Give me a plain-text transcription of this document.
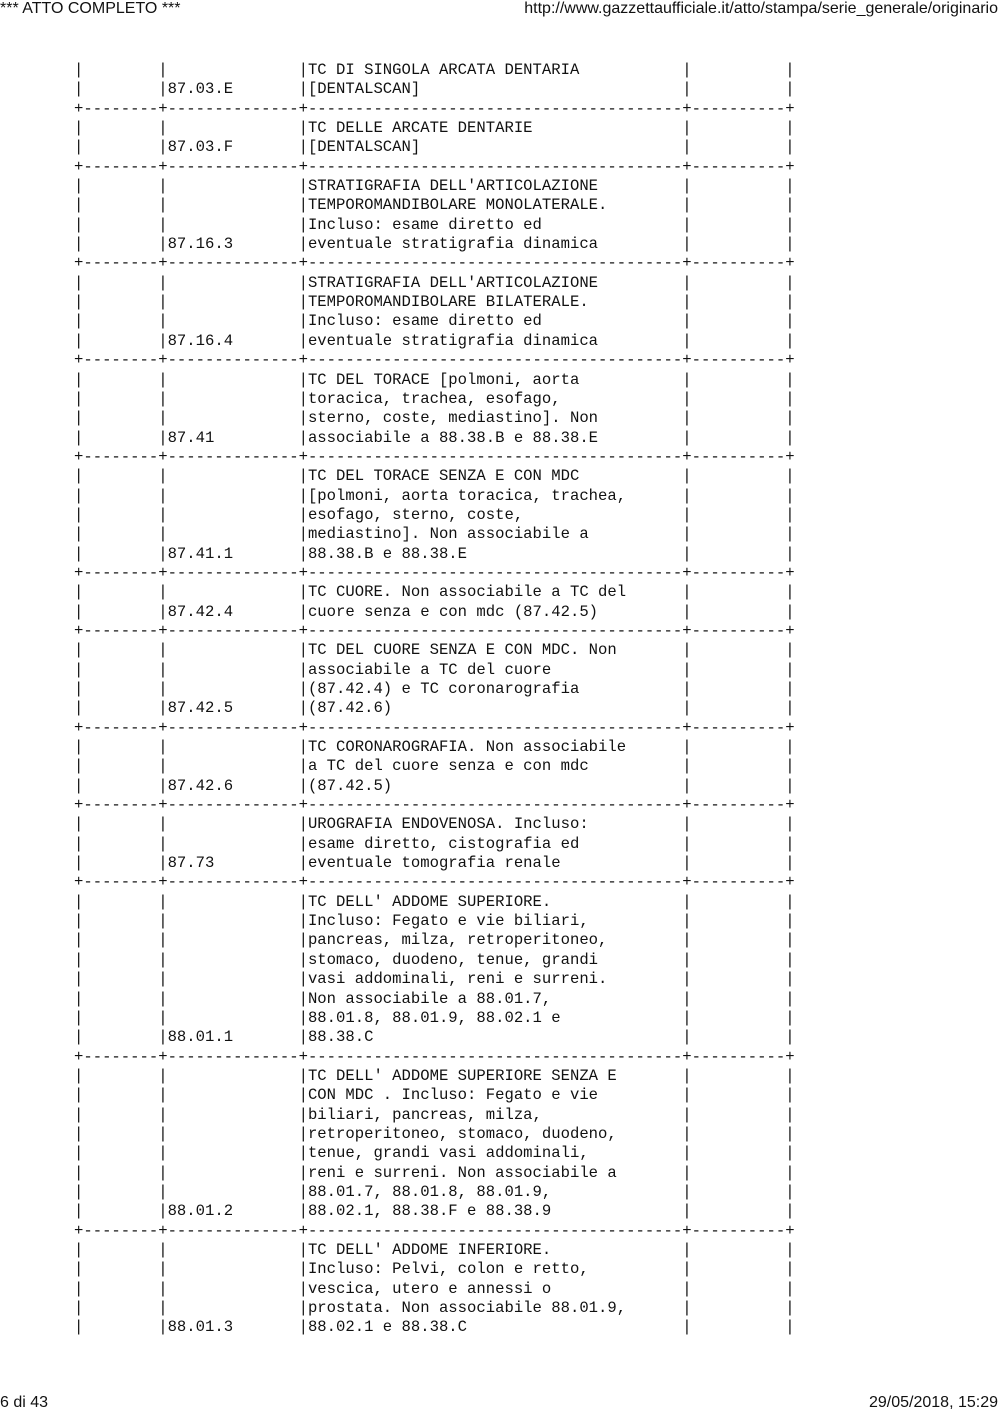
*** ATTO COMPLETO ***	http://www.gazzettaufficiale.it/atto/stampa/serie_generale/originario
|        |              |TC DI SINGOLA ARCATA DENTARIA           |          |
|        |87.03.E       |[DENTALSCAN]                            |          |
+--------+--------------+----------------------------------------+----------+
|        |              |TC DELLE ARCATE DENTARIE                |          |
|        |87.03.F       |[DENTALSCAN]                            |          |
+--------+--------------+----------------------------------------+----------+
|        |              |STRATIGRAFIA DELL'ARTICOLAZIONE         |          |
|        |              |TEMPOROMANDIBOLARE MONOLATERALE.        |          |
|        |              |Incluso: esame diretto ed               |          |
|        |87.16.3       |eventuale stratigrafia dinamica         |          |
+--------+--------------+----------------------------------------+----------+
|        |              |STRATIGRAFIA DELL'ARTICOLAZIONE         |          |
|        |              |TEMPOROMANDIBOLARE BILATERALE.          |          |
|        |              |Incluso: esame diretto ed               |          |
|        |87.16.4       |eventuale stratigrafia dinamica         |          |
+--------+--------------+----------------------------------------+----------+
|        |              |TC DEL TORACE [polmoni, aorta           |          |
|        |              |toracica, trachea, esofago,             |          |
|        |              |sterno, coste, mediastino]. Non         |          |
|        |87.41         |associabile a 88.38.B e 88.38.E         |          |
+--------+--------------+----------------------------------------+----------+
|        |              |TC DEL TORACE SENZA E CON MDC           |          |
|        |              |[polmoni, aorta toracica, trachea,      |          |
|        |              |esofago, sterno, coste,                 |          |
|        |              |mediastino]. Non associabile a          |          |
|        |87.41.1       |88.38.B e 88.38.E                       |          |
+--------+--------------+----------------------------------------+----------+
|        |              |TC CUORE. Non associabile a TC del      |          |
|        |87.42.4       |cuore senza e con mdc (87.42.5)         |          |
+--------+--------------+----------------------------------------+----------+
|        |              |TC DEL CUORE SENZA E CON MDC. Non       |          |
|        |              |associabile a TC del cuore              |          |
|        |              |(87.42.4) e TC coronarografia           |          |
|        |87.42.5       |(87.42.6)                               |          |
+--------+--------------+----------------------------------------+----------+
|        |              |TC CORONAROGRAFIA. Non associabile      |          |
|        |              |a TC del cuore senza e con mdc          |          |
|        |87.42.6       |(87.42.5)                               |          |
+--------+--------------+----------------------------------------+----------+
|        |              |UROGRAFIA ENDOVENOSA. Incluso:          |          |
|        |              |esame diretto, cistografia ed           |          |
|        |87.73         |eventuale tomografia renale             |          |
+--------+--------------+----------------------------------------+----------+
|        |              |TC DELL' ADDOME SUPERIORE.              |          |
|        |              |Incluso: Fegato e vie biliari,          |          |
|        |              |pancreas, milza, retroperitoneo,        |          |
|        |              |stomaco, duodeno, tenue, grandi         |          |
|        |              |vasi addominali, reni e surreni.        |          |
|        |              |Non associabile a 88.01.7,              |          |
|        |              |88.01.8, 88.01.9, 88.02.1 e             |          |
|        |88.01.1       |88.38.C                                 |          |
+--------+--------------+----------------------------------------+----------+
|        |              |TC DELL' ADDOME SUPERIORE SENZA E       |          |
|        |              |CON MDC . Incluso: Fegato e vie         |          |
|        |              |biliari, pancreas, milza,               |          |
|        |              |retroperitoneo, stomaco, duodeno,       |          |
|        |              |tenue, grandi vasi addominali,          |          |
|        |              |reni e surreni. Non associabile a       |          |
|        |              |88.01.7, 88.01.8, 88.01.9,              |          |
|        |88.01.2       |88.02.1, 88.38.F e 88.38.9              |          |
+--------+--------------+----------------------------------------+----------+
|        |              |TC DELL' ADDOME INFERIORE.              |          |
|        |              |Incluso: Pelvi, colon e retto,          |          |
|        |              |vescica, utero e annessi o              |          |
|        |              |prostata. Non associabile 88.01.9,      |          |
|        |88.01.3       |88.02.1 e 88.38.C                       |          |
6 di 43	29/05/2018, 15:29
